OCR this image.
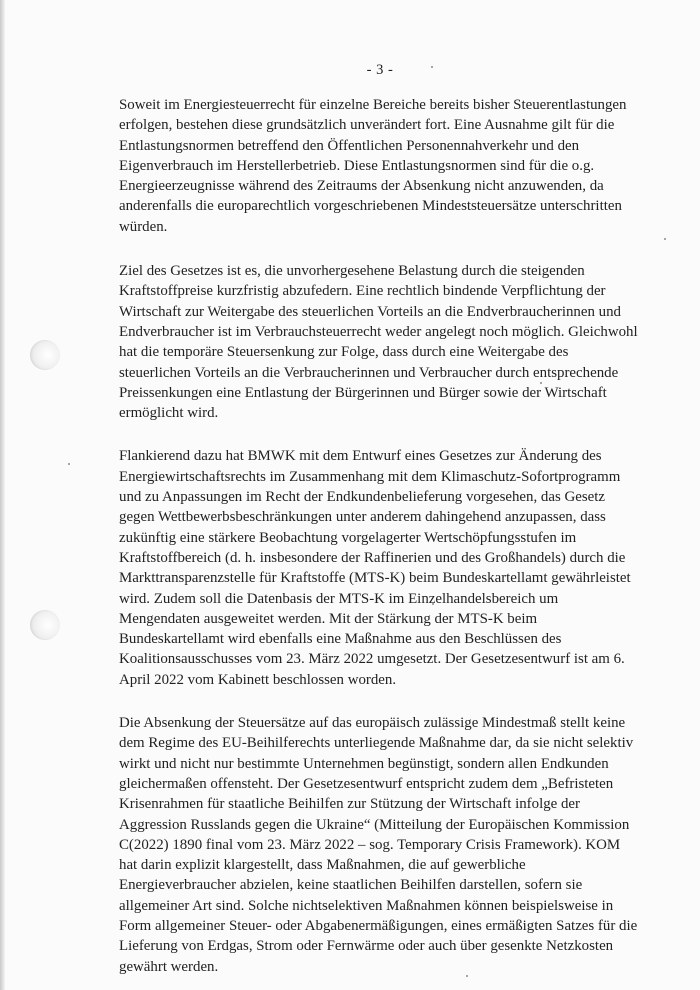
- 3 -

Soweit im Energiesteuerrecht für einzelne Bereiche bereits bisher Steuerentlastungen erfolgen, bestehen diese grundsätzlich unverändert fort. Eine Ausnahme gilt für die Entlastungsnormen betreffend den Öffentlichen Personennahverkehr und den Eigenverbrauch im Herstellerbetrieb. Diese Entlastungsnormen sind für die o.g. Energieerzeugnisse während des Zeitraums der Absenkung nicht anzuwenden, da anderenfalls die europarechtlich vorgeschriebenen Mindeststeuersätze unterschritten würden.

Ziel des Gesetzes ist es, die unvorhergesehene Belastung durch die steigenden Kraftstoffpreise kurzfristig abzufedern. Eine rechtlich bindende Verpflichtung der Wirtschaft zur Weitergabe des steuerlichen Vorteils an die Endverbraucherinnen und Endverbraucher ist im Verbrauchsteuerrecht weder angelegt noch möglich. Gleichwohl hat die temporäre Steuersenkung zur Folge, dass durch eine Weitergabe des steuerlichen Vorteils an die Verbraucherinnen und Verbraucher durch entsprechende Preissenkungen eine Entlastung der Bürgerinnen und Bürger sowie der Wirtschaft ermöglicht wird.

Flankierend dazu hat BMWK mit dem Entwurf eines Gesetzes zur Änderung des Energiewirtschaftsrechts im Zusammenhang mit dem Klimaschutz-Sofortprogramm und zu Anpassungen im Recht der Endkundenbelieferung vorgesehen, das Gesetz gegen Wettbewerbsbeschränkungen unter anderem dahingehend anzupassen, dass zukünftig eine stärkere Beobachtung vorgelagerter Wertschöpfungsstufen im Kraftstoffbereich (d. h. insbesondere der Raffinerien und des Großhandels) durch die Markttransparenzstelle für Kraftstoffe (MTS-K) beim Bundeskartellamt gewährleistet wird. Zudem soll die Datenbasis der MTS-K im Einzelhandelsbereich um Mengendaten ausgeweitet werden. Mit der Stärkung der MTS-K beim Bundeskartellamt wird ebenfalls eine Maßnahme aus den Beschlüssen des Koalitionsausschusses vom 23. März 2022 umgesetzt. Der Gesetzesentwurf ist am 6. April 2022 vom Kabinett beschlossen worden.

Die Absenkung der Steuersätze auf das europäisch zulässige Mindestmaß stellt keine dem Regime des EU-Beihilferechts unterliegende Maßnahme dar, da sie nicht selektiv wirkt und nicht nur bestimmte Unternehmen begünstigt, sondern allen Endkunden gleichermaßen offensteht. Der Gesetzesentwurf entspricht zudem dem „Befristeten Krisenrahmen für staatliche Beihilfen zur Stützung der Wirtschaft infolge der Aggression Russlands gegen die Ukraine“ (Mitteilung der Europäischen Kommission C(2022) 1890 final vom 23. März 2022 – sog. Temporary Crisis Framework). KOM hat darin explizit klargestellt, dass Maßnahmen, die auf gewerbliche Energieverbraucher abzielen, keine staatlichen Beihilfen darstellen, sofern sie allgemeiner Art sind. Solche nichtselektiven Maßnahmen können beispielsweise in Form allgemeiner Steuer- oder Abgabenermäßigungen, eines ermäßigten Satzes für die Lieferung von Erdgas, Strom oder Fernwärme oder auch über gesenkte Netzkosten gewährt werden.
